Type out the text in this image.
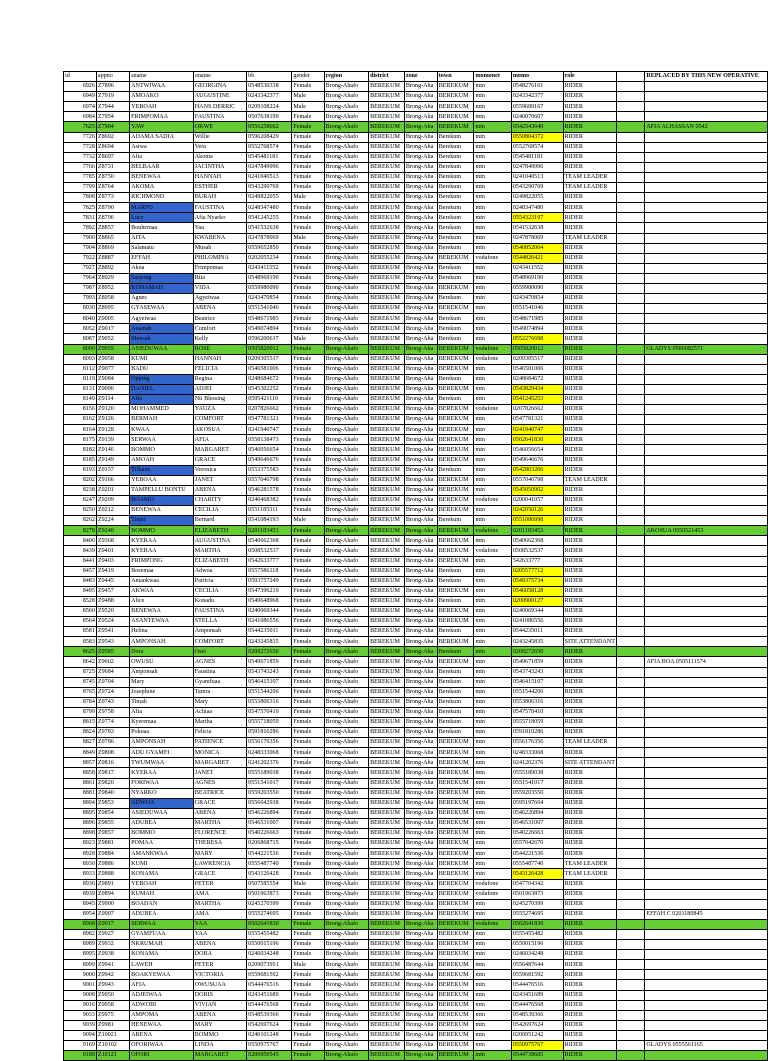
id	appno	sname	oname	bb	gender	region	district	zone	town	momonet	momo	role		REPLACED BY THIS NEW OPERATIVE
6926	Z7896	ANTWIWAA	GEORGINA	0548530338	Female	Brong-Ahafo	BEREKUM	Brong-Aha	BEREKUM	mtn	0548276161	RIDER		
6949	Z7919	AMOAKO	AUGUSTINE	0243342377	Male	Brong-Ahafo	BEREKUM	Brong-Aha	BEREKUM	mtn	0243342377	RIDER		
6974	Z7944	YEBOAH	HANS DERRIC	0209108224	Male	Brong-Ahafo	BEREKUM	Brong-Aha	BEREKUM	mtn	0559689167	RIDER		
6984	Z7954	FRIMPOMAA	FAUSTINA	0507638199	Female	Brong-Ahafo	BEREKUM	Brong-Aha	BEREKUM	mtn	0240070607	RIDER		
7625	Z7904	YAW	OKWE	0556258662	Female	Brong-Ahafo	BEREKUM	Brong-Aha	BEREKUM	mtn	0542543640	RIDER		AFIA ALHASSAN 0542
7726	Z8692	ADAMA SADIA	Willie	0596208429	Female	Brong-Ahafo	BEREKUM	Brong-Aha	Berekum	mtn	0550804372	RIDER		
7728	Z8694	Asiwa	Vera	0552768574	Female	Brong-Ahafo	BEREKUM	Brong-Aha	Berekum	mtn	0552768574	RIDER		
7732	Z8697	Afia	Akoma	0545481181	Female	Brong-Ahafo	BEREKUM	Brong-Aha	Berekum	mtn	0545481181	RIDER		
7766	Z8731	BELBAAR	JACINTHA	0247849996	Female	Brong-Ahafo	BEREKUM	Brong-Aha	Berekum	mtn	0247849996	RIDER		
7785	Z8750	BENEWAA	HANNAH	0241040513	Female	Brong-Ahafo	BEREKUM	Brong-Aha	Berekum	mtn	0241040513	TEAM LEADER		
7799	Z8764	AKOMA	ESTHER	0543290769	Female	Brong-Ahafo	BEREKUM	Brong-Aha	Berekum	mtn	0543290769	TEAM LEADER		
7808	Z8773	RICHMOND	BURAH	0249822055	Male	Brong-Ahafo	BEREKUM	Brong-Aha	Berekum	mtn	0249822055	RIDER		
7825	Z8790	MARFO	FAUSTINA	0248347480	Female	Brong-Ahafo	BEREKUM	Brong-Aha	Berekum	mtn	0248347480	RIDER		
7831	Z8796	Lucy	Afia Nyarko	0541245255	Female	Brong-Ahafo	BEREKUM	Brong-Aha	Berekum	mtn	0554323197	RIDER		
7892	Z8857	Bouhemaa	Yaa	0541532638	Female	Brong-Ahafo	BEREKUM	Brong-Aha	Berekum	mtn	0541532638	RIDER		
7900	Z8865	AITA	KWABENA	0247878069	Male	Brong-Ahafo	BEREKUM	Brong-Aha	Berekum	mtn	0247878069	TEAM LEADER		
7904	Z8869	Salamatu	Musah	0559652850	Female	Brong-Ahafo	BEREKUM	Brong-Aha	Berekum	mtn	0540852004	RIDER		
7922	Z8887	EFFAH	PHILOMINA	0202055234	Female	Brong-Ahafo	BEREKUM	Brong-Aha	BEREKUM	vodafone	0544826421	RIDER		
7927	Z8892	Akua	Frimpomaa	0243411552	Female	Brong-Ahafo	BEREKUM	Brong-Aha	Berekum	mtn	0243411552	RIDER		
7964	Z8929	Sarpong	Rita	0548969190	Female	Brong-Ahafo	BEREKUM	Brong-Aha	Berekum	mtn	0548969190	RIDER		
7987	Z8952	KONAMAH	VIDA	0559980090	Female	Brong-Ahafo	BEREKUM	Brong-Aha	BEREKUM	mtn	0559980090	RIDER		
7993	Z8958	Agnes	Agyeiwaa	0243470854	Female	Brong-Ahafo	BEREKUM	Brong-Aha	Berekum	mtn	0243470854	RIDER		
8030	Z8995	GYASEWAA	ABENA	0551541046	Female	Brong-Ahafo	BEREKUM	Brong-Aha	BEREKUM	mtn	0551541046	RIDER		
8040	Z9005	Agyeiwaa	Beatrice	0548671985	Female	Brong-Ahafo	BEREKUM	Brong-Aha	Berekum	mtn	0548671985	RIDER		
8052	Z9017	Ataanah	Comfort	0549074894	Female	Brong-Ahafo	BEREKUM	Brong-Aha	Berekum	mtn	0549074894	RIDER		
8087	Z9052	Mensah	Kelly	0596200617	Male	Brong-Ahafo	BEREKUM	Brong-Aha	Berekum	mtn	0552276698	RIDER		
8090	Z9055	ASIEDUWAA	ROSE	0505820012	Female	Brong-Ahafo	BEREKUM	Brong-Aha	BEREKUM	vodafone	0505820012	RIDER		GLADYS 0506082571
8093	Z9058	KUMI	HANNAH	0209305517	Female	Brong-Ahafo	BEREKUM	Brong-Aha	BEREKUM	vodafone	0209305517	RIDER		
8112	Z9077	BADU	FELICIA	0546581006	Female	Brong-Ahafo	BEREKUM	Brong-Aha	BEREKUM	mtn	0546581006	RIDER		
8119	Z9084	Opping	Regina	0248684672	Female	Brong-Ahafo	BEREKUM	Brong-Aha	Berekum	mtn	0248684672	RIDER		
8131	Z9096	DANIEL	ADJEI	0545302252	Female	Brong-Ahafo	BEREKUM	Brong-Aha	BEREKUM	mtn	0543829434	RIDER		
8149	Z9114	Afia	Nti Blessing	0595421110	Female	Brong-Ahafo	BEREKUM	Brong-Aha	Berekum	mtn	0541245253	RIDER		
8156	Z9120	MOHAMMED	YAUZA	0207826662	Female	Brong-Ahafo	BEREKUM	Brong-Aha	BEREKUM	vodafone	0207826662	RIDER		
8162	Z9126	BERMAH	COMFORT	0547781321	Female	Brong-Ahafo	BEREKUM	Brong-Aha	BEREKUM	mtn	0547781321	RIDER		
8164	Z9128	KWAA	AKOSUA	0241940747	Female	Brong-Ahafo	BEREKUM	Brong-Aha	BEREKUM	mtn	0241940747	RIDER		
8175	Z9139	SERWAA	AFIA	0558138473	Female	Brong-Ahafo	BEREKUM	Brong-Aha	BEREKUM	mtn	0502641830	RIDER		
8182	Z9146	BOMMO	MARGARET	0546056654	Female	Brong-Ahafo	BEREKUM	Brong-Aha	BEREKUM	mtn	0546056654	RIDER		
8185	Z9149	AMOAH	GRACE	0549646676	Female	Brong-Ahafo	BEREKUM	Brong-Aha	BEREKUM	mtn	0549646676	RIDER		
8193	Z9157	Tiffanie	Veronica	0553375583	Female	Brong-Ahafo	BEREKUM	Brong-Aha	Berekum	mtn	0542803206	RIDER		
8202	Z9166	YEBOAA	JANET	0557046798	Female	Brong-Ahafo	BEREKUM	Brong-Aha	BEREKUM	mtn	0557046798	TEAM LEADER		
8238	Z9201	TAMPELLU BONTU	ABENA	0546281578	Female	Brong-Ahafo	BEREKUM	Brong-Aha	BEREKUM	mtn	0545050902	RIDER		
8247	Z9209	BOAMO	CHARITY	0240468382	Female	Brong-Ahafo	BEREKUM	Brong-Aha	BEREKUM	vodafone	0200041057	RIDER		
8250	Z9212	BENEWAA	CECILIA	0551185311	Female	Brong-Ahafo	BEREKUM	Brong-Aha	BEREKUM	mtn	0242050126	RIDER		
8262	Z9224	Tinter	Bernard	0541084193	Male	Brong-Ahafo	BEREKUM	Brong-Aha	Berekum	mtn	0551086998	RIDER		
8278	Z9240	BOMMO	ELIZABETH	0201183453	Female	Brong-Ahafo	BEREKUM	Brong-Aha	BEREKUM	vodafone	0201183453	RIDER		AKOSUA 0550521453
8406	Z9368	KYERAA	AUGUSTINA	0540662368	Female	Brong-Ahafo	BEREKUM	Brong-Aha	BEREKUM	mtn	0540662368	RIDER		
8439	Z9401	KYERAA	MARTHA	0508532537	Female	Brong-Ahafo	BEREKUM	Brong-Aha	BEREKUM	vodafone	0508532537	RIDER		
8441	Z9403	FRIMPONG	ELIZABETH	0542633777	Female	Brong-Ahafo	BEREKUM	Brong-Aha	BEREKUM	mtn	542633777	RIDER		
8457	Z9419	Bosemaa	Adwoa	0557586118	Female	Brong-Ahafo	BEREKUM	Brong-Aha	Berekum	mtn	0205577712	RIDER		
8483	Z9445	Amankwaa	Patricia	0593757249	Female	Brong-Ahafo	BEREKUM	Brong-Aha	Berekum	mtn	0549375734	RIDER		
8495	Z9457	AKWAA	CECILIA	0547396219	Female	Brong-Ahafo	BEREKUM	Brong-Aha	BEREKUM	mtn	0546058128	RIDER		
8528	Z9488	Alice	Konadu	0549648968	Female	Brong-Ahafo	BEREKUM	Brong-Aha	Berekum	mtn	0200900127	RIDER		
8560	Z9520	BENEWAA	FAUSTINA	0240069344	Female	Brong-Ahafo	BEREKUM	Brong-Aha	BEREKUM	mtn	0240069344	RIDER		
8564	Z9524	ASANTEWAA	STELLA	0241086556	Female	Brong-Ahafo	BEREKUM	Brong-Aha	BEREKUM	mtn	0241086556	RIDER		
8581	Z9541	Helina	Amponsah	0544235011	Female	Brong-Ahafo	BEREKUM	Brong-Aha	Berekum	mtn	0544235011	RIDER		
8583	Z9543	AMPONSAH	COMFORT	0243245835	Female	Brong-Ahafo	BEREKUM	Brong-Aha	BEREKUM	mtn	0243245835	SITE ATTENDANT		
8625	Z9585	Dora	Osei	0208272650	Female	Brong-Ahafo	BEREKUM	Brong-Aha	Berekum	mtn	0208272650	RIDER		
8642	Z9602	OWUSU	AGNES	0549671859	Female	Brong-Ahafo	BEREKUM	Brong-Aha	BEREKUM	mtn	0549671859	RIDER		AFIA BOA 0505111574
8725	Z9684	Amponsah	Faustina	0543743243	Female	Brong-Ahafo	BEREKUM	Brong-Aha	Berekum	mtn	0543743243	RIDER		
8745	Z9704	Mary	Gyamfuaa	0546415107	Female	Brong-Ahafo	BEREKUM	Brong-Aha	Berekum	mtn	0546415107	RIDER		
8765	Z9724	Josephine	Tamra	0551544206	Female	Brong-Ahafo	BEREKUM	Brong-Aha	Berekum	mtn	0551544206	RIDER		
8784	Z9743	Timah	Mary	0553806316	Female	Brong-Ahafo	BEREKUM	Brong-Aha	Berekum	mtn	0553806316	RIDER		
8799	Z9758	Afia	Achiaa	0547570410	Female	Brong-Ahafo	BEREKUM	Brong-Aha	Berekum	mtn	0547570410	RIDER		
8815	Z9774	Kyeremaa	Martha	0555718059	Female	Brong-Ahafo	BEREKUM	Brong-Aha	Berekum	mtn	0555718059	RIDER		
8824	Z9783	Pokuaa	Felicia	0591810286	Female	Brong-Ahafo	BEREKUM	Brong-Aha	Berekum	mtn	0591810286	RIDER		
8827	Z9786	AMPONSAH	PATIENCE	0556176356	Female	Brong-Ahafo	BEREKUM	Brong-Aha	BEREKUM	mtn	0556176356	TEAM LEADER		
8849	Z9808	ADU GYAMFI	MONICA	0248333068	Female	Brong-Ahafo	BEREKUM	Brong-Aha	BEREKUM	mtn	0248333068	RIDER		
8857	Z9816	TWUMWAA	MARGARET	0241202376	Female	Brong-Ahafo	BEREKUM	Brong-Aha	BEREKUM	mtn	0241202376	SITE ATTENDANT		
8858	Z9817	KYERAA	JANET	0555189038	Female	Brong-Ahafo	BEREKUM	Brong-Aha	BEREKUM	mtn	0555189038	RIDER		
8861	Z9820	FORIWAA	AGNES	0551541017	Female	Brong-Ahafo	BEREKUM	Brong-Aha	BEREKUM	mtn	0551541017	RIDER		
8881	Z9840	NYARKO	BEATRICE	0559203550	Female	Brong-Ahafo	BEREKUM	Brong-Aha	BEREKUM	mtn	0559203550	RIDER		
8894	Z9853	ADWOA	GRACE	0556642938	Female	Brong-Ahafo	BEREKUM	Brong-Aha	BEREKUM	mtn	0595197664	RIDER		
8895	Z9854	ASIEDUWAA	ABENA	0546226894	Female	Brong-Ahafo	BEREKUM	Brong-Aha	BEREKUM	mtn	0546226894	RIDER		
8896	Z9855	ADUBEA	MARTHA	0546531007	Female	Brong-Ahafo	BEREKUM	Brong-Aha	BEREKUM	mtn	0546531007	RIDER		
8898	Z9857	BOMMO	FLORENCE	0540226663	Female	Brong-Ahafo	BEREKUM	Brong-Aha	BEREKUM	mtn	0540226663	RIDER		
8923	Z9881	POMAA	THERESA	0206868715	Female	Brong-Ahafo	BEREKUM	Brong-Aha	BEREKUM	mtn	0557042670	RIDER		
8928	Z9884	AMANKWAA	MARY	0544221536	Female	Brong-Ahafo	BEREKUM	Brong-Aha	BEREKUM	mtn	0544221536	RIDER		
8930	Z9886	KUMI	LAWRENCIA	0555487740	Female	Brong-Ahafo	BEREKUM	Brong-Aha	BEREKUM	mtn	0555487740	TEAM LEADER		
8933	Z9888	KONAMA	GRACE	0543126428	Female	Brong-Ahafo	BEREKUM	Brong-Aha	BEREKUM	mtn	0543126428	TEAM LEADER		
8936	Z9891	YEBOAH	PETER	0507585554	Male	Brong-Ahafo	BEREKUM	Brong-Aha	BEREKUM	vodafone	0547704342	RIDER		
8939	Z9894	KUMAH	AMA	0501963873	Female	Brong-Ahafo	BEREKUM	Brong-Aha	BEREKUM	vodafone	0501963873	RIDER		
8945	Z9900	BOADAN	MARTHA	0245270399	Female	Brong-Ahafo	BEREKUM	Brong-Aha	BEREKUM	mtn	0245270399	RIDER		
8954	Z9907	ADUBEA	AMA	0555274695	Female	Brong-Ahafo	BEREKUM	Brong-Aha	BEREKUM	mtn	0555274695	RIDER		EFFAH C 0201180845
8968	Z9917	SERWAA	YAA	0502641830	Female	Brong-Ahafo	BEREKUM	Brong-Aha	BEREKUM	vodafone	0502641830	RIDER		
8982	Z9927	GYAMFUAA	YAA	0555455482	Female	Brong-Ahafo	BEREKUM	Brong-Aha	BEREKUM	mtn	0555455482	RIDER		
8989	Z9932	NKRUMAH	ABENA	0550015196	Female	Brong-Ahafo	BEREKUM	Brong-Aha	BEREKUM	mtn	0550015196	RIDER		
8995	Z9938	KONAMA	DORA	0246034248	Female	Brong-Ahafo	BEREKUM	Brong-Aha	BEREKUM	mtn	0246034248	RIDER		
8999	Z9941	LAWEH	PETER	0209073951	Male	Brong-Ahafo	BEREKUM	Brong-Aha	BEREKUM	mtn	0556487644	RIDER		
9000	Z9942	BOAKYEWAA	VICTORIA	0559681592	Female	Brong-Ahafo	BEREKUM	Brong-Aha	BEREKUM	mtn	0559681592	RIDER		
9001	Z9943	AFIA	OWUSUAA	0544476516	Female	Brong-Ahafo	BEREKUM	Brong-Aha	BEREKUM	mtn	0544476516	RIDER		
9008	Z9950	ADJEIWAA	DORIS	0243451689	Female	Brong-Ahafo	BEREKUM	Brong-Aha	BEREKUM	mtn	0243451689	RIDER		
9016	Z9958	ADWOBI	VIVIAN	0544476568	Female	Brong-Ahafo	BEREKUM	Brong-Aha	BEREKUM	mtn	0544476568	RIDER		
9033	Z9975	AMPOMA	ABENA	0548539366	Female	Brong-Ahafo	BEREKUM	Brong-Aha	BEREKUM	mtn	0548539366	RIDER		
9039	Z9981	HENEWAA	MARY	0542697624	Female	Brong-Ahafo	BEREKUM	Brong-Aha	BEREKUM	mtn	0542697624	RIDER		
9094	Z10021	ABENA	BOMMO	0240101248	Female	Brong-Ahafo	BEREKUM	Brong-Aha	BEREKUM	mtn	0200951242	RIDER		
9169	Z10102	OFORIWAA	LINDA	0550975767	Female	Brong-Ahafo	BEREKUM	Brong-Aha	BEREKUM	mtn	0550975767	RIDER		GLADYS 0555561165
9188	Z10121	OFORI	MARGARET	0200950545	Female	Brong-Ahafo	BEREKUM	Brong-Aha	BEREKUM	mtn	0544739605	RIDER		
